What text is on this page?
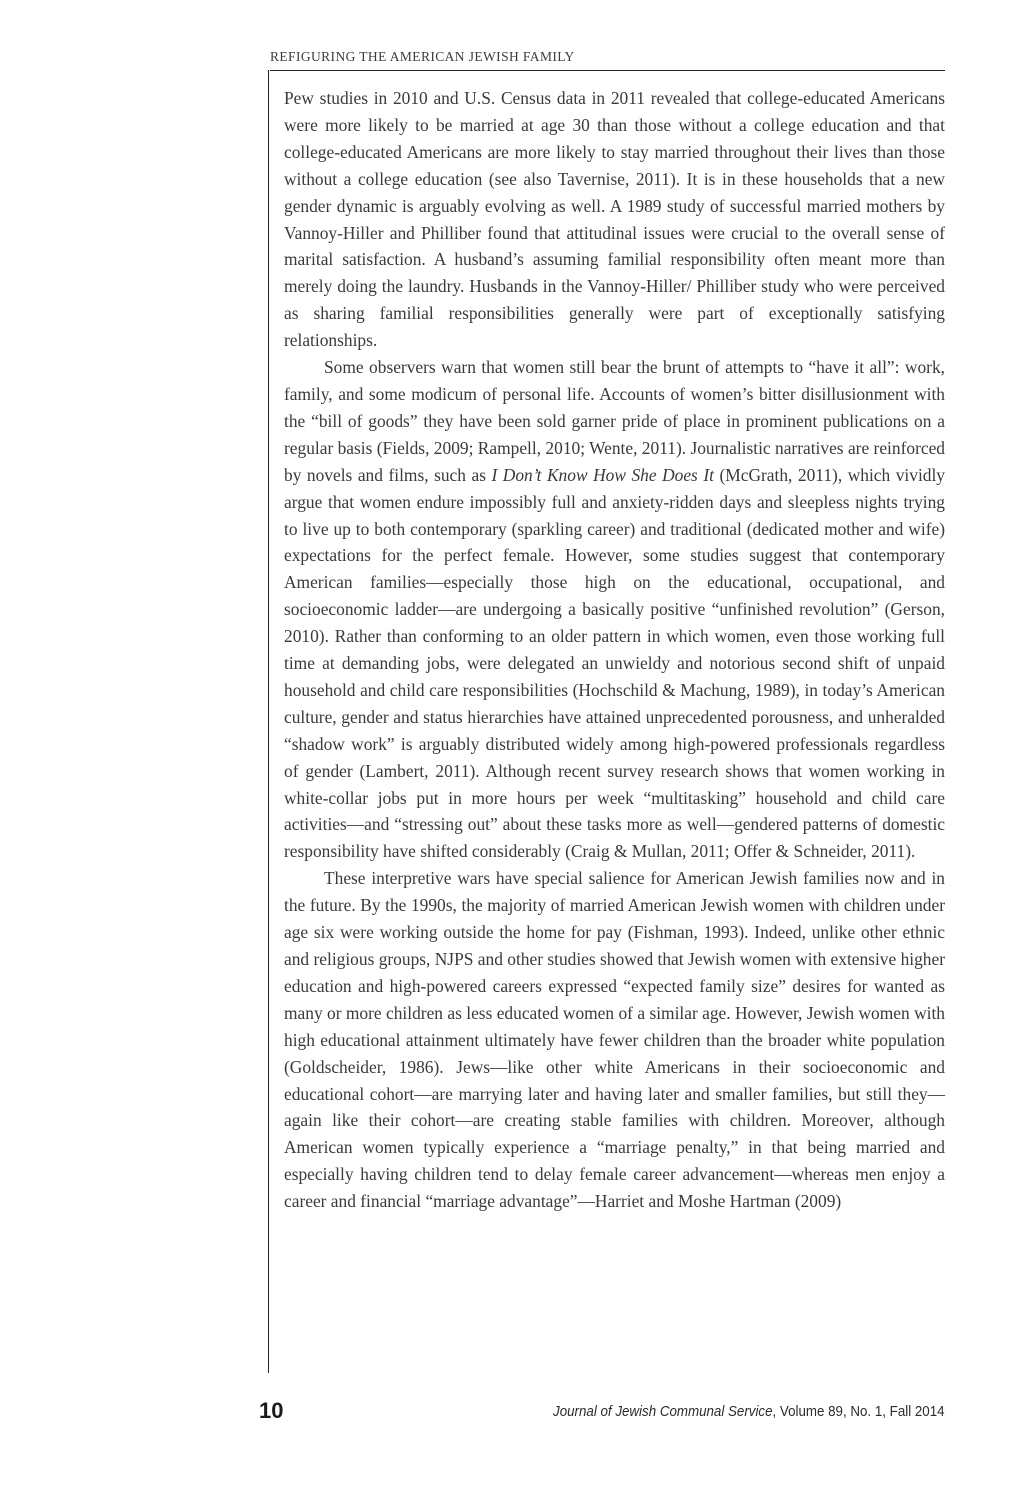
REFIGURING THE AMERICAN JEWISH FAMILY

Pew studies in 2010 and U.S. Census data in 2011 revealed that college-educated Americans were more likely to be married at age 30 than those without a college education and that college-educated Americans are more likely to stay married throughout their lives than those without a college education (see also Tavernise, 2011). It is in these households that a new gender dynamic is arguably evolving as well. A 1989 study of successful married mothers by Vannoy-Hiller and Philliber found that attitudinal issues were crucial to the overall sense of marital satisfaction. A husband’s assuming familial responsibility often meant more than merely doing the laundry. Husbands in the Vannoy-Hiller/ Philliber study who were perceived as sharing familial responsibilities generally were part of exceptionally satisfying relationships.

Some observers warn that women still bear the brunt of attempts to “have it all”: work, family, and some modicum of personal life. Accounts of women’s bitter disillusionment with the “bill of goods” they have been sold garner pride of place in prominent publications on a regular basis (Fields, 2009; Rampell, 2010; Wente, 2011). Journalistic narratives are reinforced by novels and films, such as I Don’t Know How She Does It (McGrath, 2011), which vividly argue that women endure impossibly full and anxiety-ridden days and sleepless nights trying to live up to both contemporary (sparkling career) and traditional (dedicated mother and wife) expectations for the perfect female. However, some studies suggest that contemporary American families—especially those high on the educational, occupational, and socioeconomic ladder—are undergoing a basically positive “unfinished revolution” (Gerson, 2010). Rather than conforming to an older pattern in which women, even those working full time at demanding jobs, were delegated an unwieldy and notorious second shift of unpaid household and child care responsibilities (Hochschild & Machung, 1989), in today’s American culture, gender and status hierarchies have attained unprecedented porousness, and unheralded “shadow work” is arguably distributed widely among high-powered professionals regardless of gender (Lambert, 2011). Although recent survey research shows that women working in white-collar jobs put in more hours per week “multitasking” household and child care activities—and “stressing out” about these tasks more as well—gendered patterns of domestic responsibility have shifted considerably (Craig & Mullan, 2011; Offer & Schneider, 2011).

These interpretive wars have special salience for American Jewish families now and in the future. By the 1990s, the majority of married American Jewish women with children under age six were working outside the home for pay (Fishman, 1993). Indeed, unlike other ethnic and religious groups, NJPS and other studies showed that Jewish women with extensive higher education and high-powered careers expressed “expected family size” desires for wanted as many or more children as less educated women of a similar age. However, Jewish women with high educational attainment ultimately have fewer children than the broader white population (Goldscheider, 1986). Jews—like other white Americans in their socioeconomic and educational cohort—are marrying later and having later and smaller families, but still they—again like their cohort—are creating stable families with children. Moreover, although American women typically experience a “marriage penalty,” in that being married and especially having children tend to delay female career advancement—whereas men enjoy a career and financial “marriage advantage”—Harriet and Moshe Hartman (2009)

10	Journal of Jewish Communal Service, Volume 89, No. 1, Fall 2014
